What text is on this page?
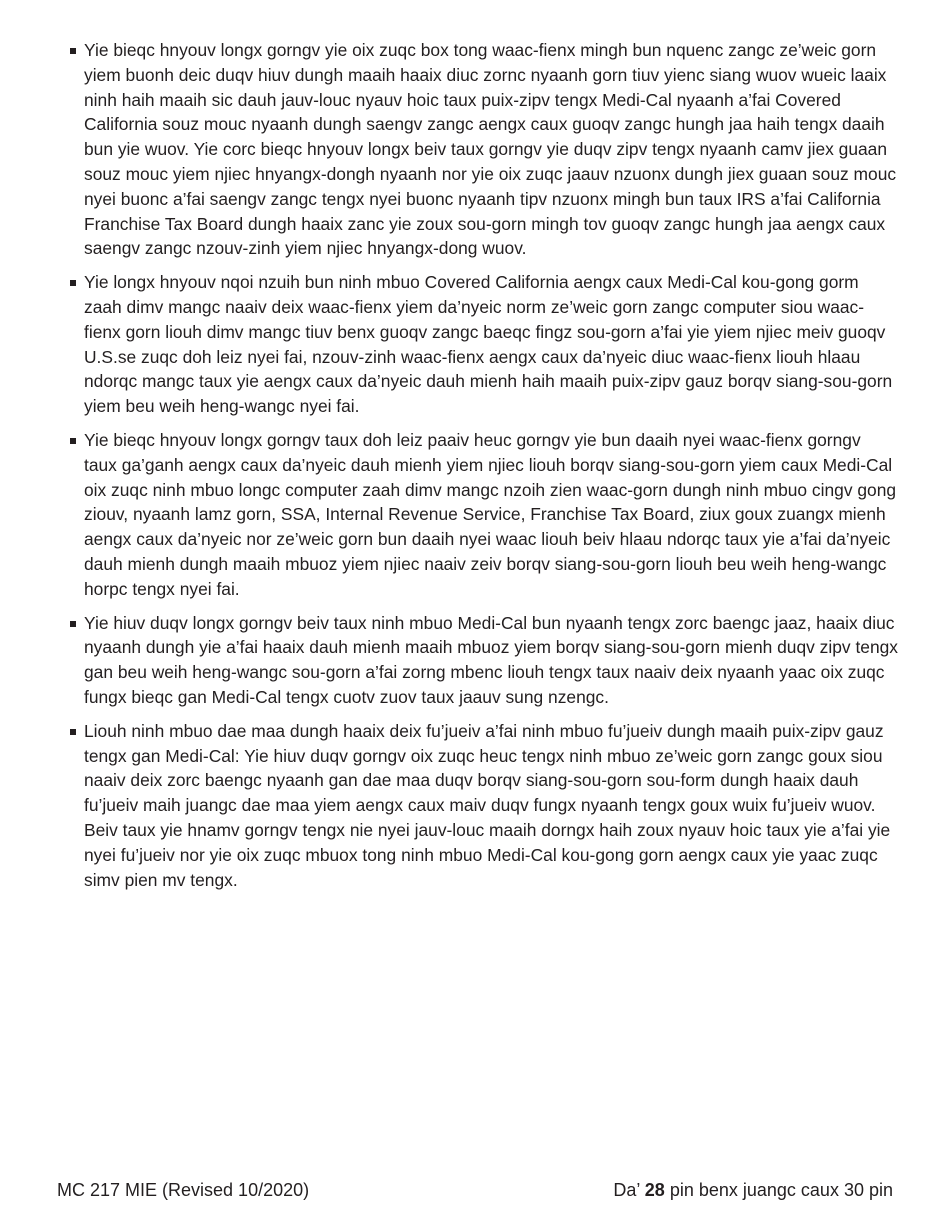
Yie bieqc hnyouv longx gorngv yie oix zuqc box tong waac-fienx mingh bun nquenc zangc ze’weic gorn yiem buonh deic duqv hiuv dungh maaih haaix diuc zornc nyaanh gorn tiuv yienc siang wuov wueic laaix ninh haih maaih sic dauh jauv-louc nyauv hoic taux puix-zipv tengx Medi-Cal nyaanh a’fai Covered California souz mouc nyaanh dungh saengv zangc aengx caux guoqv zangc hungh jaa haih tengx daaih bun yie wuov. Yie corc bieqc hnyouv longx beiv taux gorngv yie duqv zipv tengx nyaanh camv jiex guaan souz mouc yiem njiec hnyangx-dongh nyaanh nor yie oix zuqc jaauv nzuonx dungh jiex guaan souz mouc nyei buonc a’fai saengv zangc tengx nyei buonc nyaanh tipv nzuonx mingh bun taux IRS a’fai California Franchise Tax Board dungh haaix zanc yie zoux sou-gorn mingh tov guoqv zangc hungh jaa aengx caux saengv zangc nzouv-zinh yiem njiec hnyangx-dong wuov.
Yie longx hnyouv nqoi nzuih bun ninh mbuo Covered California aengx caux Medi-Cal kou-gong gorm zaah dimv mangc naaiv deix waac-fienx yiem da’nyeic norm ze’weic gorn zangc computer siou waac-fienx gorn liouh dimv mangc tiuv benx guoqv zangc baeqc fingz sou-gorn a’fai yie yiem njiec meiv guoqv U.S.se zuqc doh leiz nyei fai, nzouv-zinh waac-fienx aengx caux da’nyeic diuc waac-fienx liouh hlaau ndorqc mangc taux yie aengx caux da’nyeic dauh mienh haih maaih puix-zipv gauz borqv siang-sou-gorn yiem beu weih heng-wangc nyei fai.
Yie bieqc hnyouv longx gorngv taux doh leiz paaiv heuc gorngv yie bun daaih nyei waac-fienx gorngv taux ga’ganh aengx caux da’nyeic dauh mienh yiem njiec liouh borqv siang-sou-gorn yiem caux Medi-Cal oix zuqc ninh mbuo longc computer zaah dimv mangc nzoih zien waac-gorn dungh ninh mbuo cingv gong ziouv, nyaanh lamz gorn, SSA, Internal Revenue Service, Franchise Tax Board, ziux goux zuangx mienh aengx caux da’nyeic nor ze’weic gorn bun daaih nyei waac liouh beiv hlaau ndorqc taux yie a’fai da’nyeic dauh mienh dungh maaih mbuoz yiem njiec naaiv zeiv borqv siang-sou-gorn liouh beu weih heng-wangc horpc tengx nyei fai.
Yie hiuv duqv longx gorngv beiv taux ninh mbuo Medi-Cal bun nyaanh tengx zorc baengc jaaz, haaix diuc nyaanh dungh yie a’fai haaix dauh mienh maaih mbuoz yiem borqv siang-sou-gorn mienh duqv zipv tengx gan beu weih heng-wangc sou-gorn a’fai zorng mbenc liouh tengx taux naaiv deix nyaanh yaac oix zuqc fungx bieqc gan Medi-Cal tengx cuotv zuov taux jaauv sung nzengc.
Liouh ninh mbuo dae maa dungh haaix deix fu’jueiv a’fai ninh mbuo fu’jueiv dungh maaih puix-zipv gauz tengx gan Medi-Cal: Yie hiuv duqv gorngv oix zuqc heuc tengx ninh mbuo ze’weic gorn zangc goux siou naaiv deix zorc baengc nyaanh gan dae maa duqv borqv siang-sou-gorn sou-form dungh haaix dauh fu’jueiv maih juangc dae maa yiem aengx caux maiv duqv fungx nyaanh tengx goux wuix fu’jueiv wuov. Beiv taux yie hnamv gorngv tengx nie nyei jauv-louc maaih dorngx haih zoux nyauv hoic taux yie a’fai yie nyei fu’jueiv nor yie oix zuqc mbuox tong ninh mbuo Medi-Cal kou-gong gorn aengx caux yie yaac zuqc simv pien mv tengx.
MC 217 MIE (Revised 10/2020)	Da’ 28 pin benx juangc caux 30 pin
